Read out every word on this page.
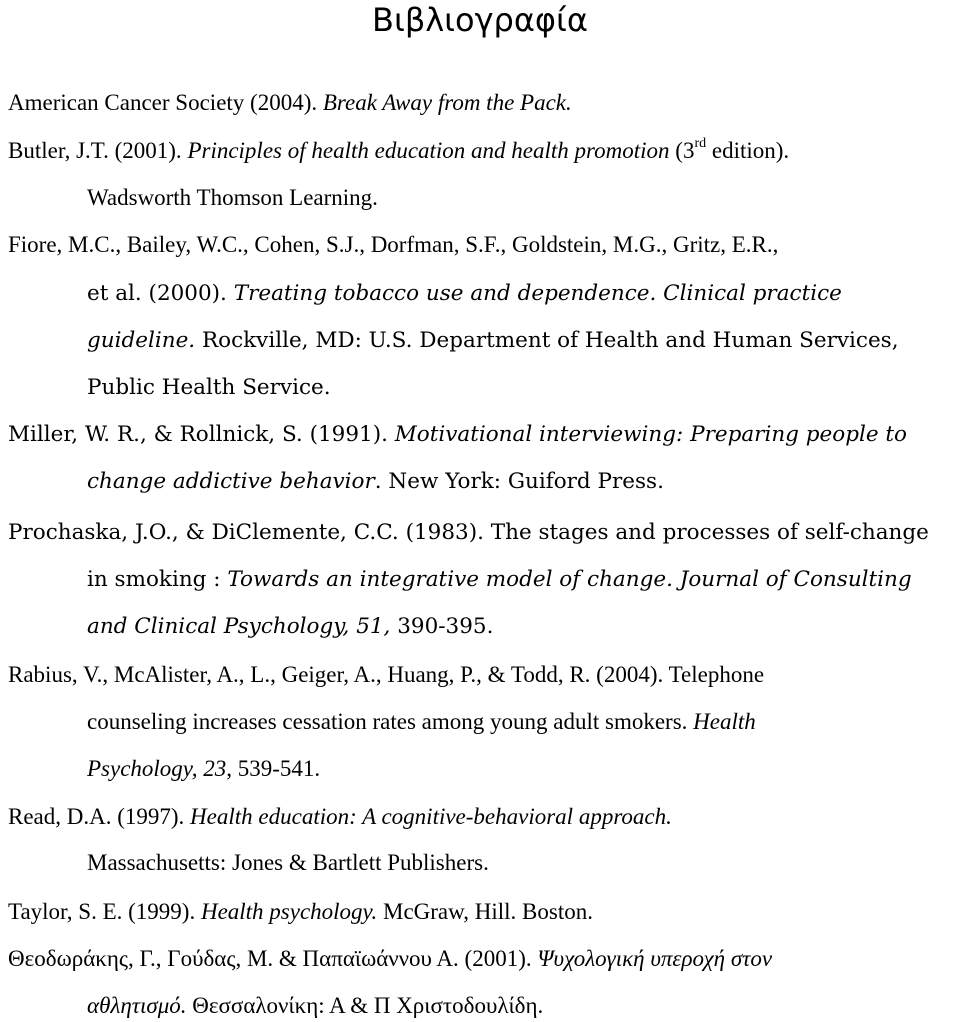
Βιβλιογραφία
American Cancer Society (2004). Break Away from the Pack.
Butler, J.T. (2001). Principles of health education and health promotion (3rd edition).
Wadsworth Thomson Learning.
Fiore, M.C., Bailey, W.C., Cohen, S.J., Dorfman, S.F., Goldstein, M.G., Gritz, E.R.,
et al. (2000). Treating tobacco use and dependence. Clinical practice
guideline. Rockville, MD: U.S. Department of Health and Human Services,
Public Health Service.
Miller, W. R., & Rollnick, S. (1991). Motivational interviewing: Preparing people to
change addictive behavior. New York: Guiford Press.
Prochaska, J.O., & DiClemente, C.C. (1983). The stages and processes of self-change
in smoking : Towards an integrative model of change. Journal of Consulting
and Clinical Psychology, 51, 390-395.
Rabius, V., McAlister, A., L., Geiger, A., Huang, P., & Todd, R. (2004). Telephone
counseling increases cessation rates among young adult smokers. Health
Psychology, 23, 539-541.
Read, D.A. (1997). Health education: A cognitive-behavioral approach.
Massachusetts: Jones & Bartlett Publishers.
Taylor, S. E. (1999). Health psychology. McGraw, Hill. Boston.
Θεοδωράκης, Γ., Γούδας, Μ. & Παπαϊωάννου Α. (2001). Ψυχολογική υπεροχή στον
αθλητισμό. Θεσσαλονίκη: Α & Π Χριστοδουλίδη.
